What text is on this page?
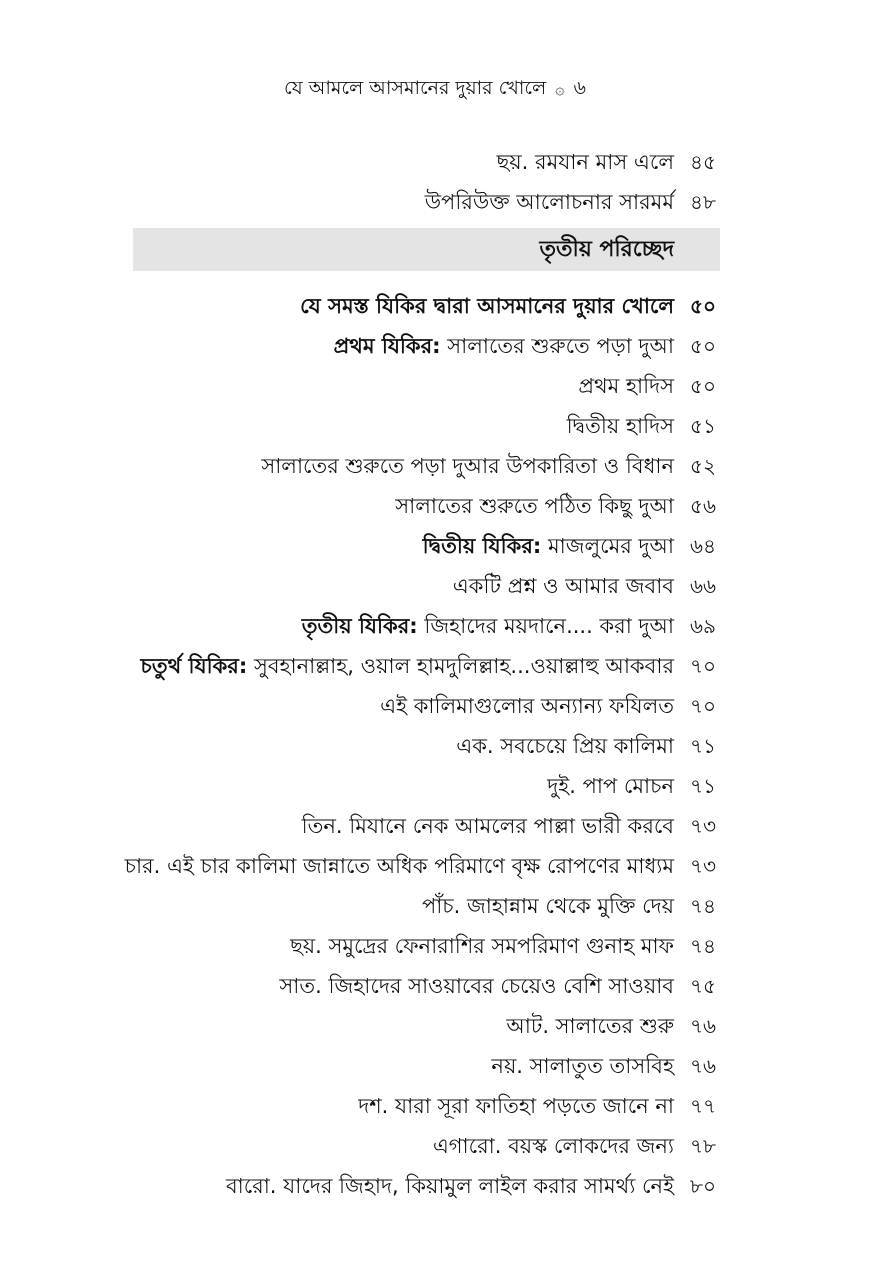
যে আমলে আসমানের দুয়ার খোলে ۞ ৬
ছয়. রমযান মাস এলে ৪৫
উপরিউক্ত আলোচনার সারমর্ম ৪৮
তৃতীয় পরিচ্ছেদ
যে সমস্ত যিকির দ্বারা আসমানের দুয়ার খোলে ৫০
প্রথম যিকির: সালাতের শুরুতে পড়া দুআ ৫০
প্রথম হাদিস ৫০
দ্বিতীয় হাদিস ৫১
সালাতের শুরুতে পড়া দুআর উপকারিতা ও বিধান ৫২
সালাতের শুরুতে পঠিত কিছু দুআ ৫৬
দ্বিতীয় যিকির: মাজলুমের দুআ ৬৪
একটি প্রশ্ন ও আমার জবাব ৬৬
তৃতীয় যিকির: জিহাদের ময়দানে.... করা দুআ ৬৯
চতুর্থ যিকির: সুবহানাল্লাহ, ওয়াল হামদুলিল্লাহ...ওয়াল্লাহু আকবার ৭০
এই কালিমাগুলোর অন্যান্য ফযিলত ৭০
এক. সবচেয়ে প্রিয় কালিমা ৭১
দুই. পাপ মোচন ৭১
তিন. মিযানে নেক আমলের পাল্লা ভারী করবে ৭৩
চার. এই চার কালিমা জান্নাতে অধিক পরিমাণে বৃক্ষ রোপণের মাধ্যম ৭৩
পাঁচ. জাহান্নাম থেকে মুক্তি দেয় ৭৪
ছয়. সমুদ্রের ফেনারাশির সমপরিমাণ গুনাহ মাফ ৭৪
সাত. জিহাদের সাওয়াবের চেয়েও বেশি সাওয়াব ৭৫
আট. সালাতের শুরু ৭৬
নয়. সালাতুত তাসবিহ ৭৬
দশ. যারা সূরা ফাতিহা পড়তে জানে না ৭৭
এগারো. বয়স্ক লোকদের জন্য ৭৮
বারো. যাদের জিহাদ, কিয়ামুল লাইল করার সামর্থ্য নেই ৮০
